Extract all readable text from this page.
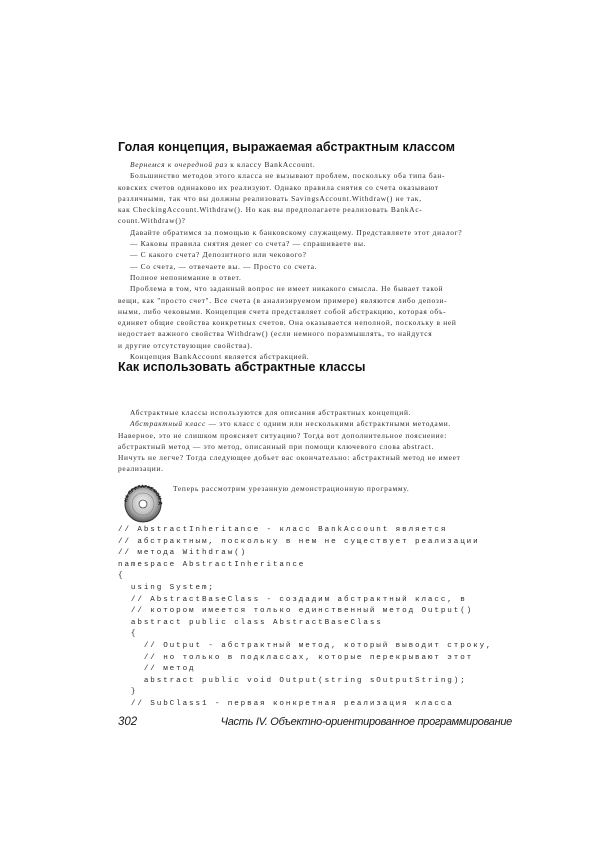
Голая концепция, выражаемая абстрактным классом
Вернемся к очередной раз к классу BankAccount.
Большинство методов этого класса не вызывают проблем, поскольку оба типа бан-
ковских счетов одинаково их реализуют. Однако правила снятия со счета оказывают
различными, так что вы должны реализовать SavingsAccount.Withdraw() не так,
как CheckingAccount.Withdraw(). Но как вы предполагаете реализовать BankAc-
count.Withdraw()?
Давайте обратимся за помощью к банковскому служащему. Представляете этот диалог?
— Каковы правила снятия денег со счета? — спрашиваете вы.
— С какого счета? Депозитного или чекового?
— Со счета, — отвечаете вы. — Просто со счета.
Полное непонимание в ответ.
Проблема в том, что заданный вопрос не имеет никакого смысла. Не бывает такой
вещи, как "просто счет". Все счета (в анализируемом примере) являются либо депози-
ными, либо чековыми. Концепция счета представляет собой абстракцию, которая объ-
единяет общие свойства конкретных счетов. Она оказывается неполной, поскольку в ней
недостает важного свойства Withdraw() (если немного поразмышлять, то найдутся
и другие отсутствующие свойства).
Концепция BankAccount является абстракцией.
Как использовать абстрактные классы
Абстрактные классы используются для описания абстрактных концепций.
Абстрактный класс — это класс с одним или несколькими абстрактными методами.
Наверное, это не слишком проясняет ситуацию? Тогда вот дополнительное пояснение:
абстрактный метод — это метод, описанный при помощи ключевого слова abstract.
Ничуть не легче? Тогда следующее добьет вас окончательно: абстрактный метод не имеет
реализации.
НА ПРИЛАГАЕМОМ Д
Теперь рассмотрим урезанную демонстрационную программу.
// AbstractInheritance - класс BankAccount является
// абстрактным, поскольку в нем не существует реализации
// метода Withdraw()
namespace AbstractInheritance
{
using System;
// AbstractBaseClass - создадим абстрактный класс, в
// котором имеется только единственный метод Output()
abstract public class AbstractBaseClass
{
// Output - абстрактный метод, который выводит строку,
// но только в подклассах, которые перекрывают этот
// метод
abstract public void Output(string sOutputString);
}
// SubClass1 - первая конкретная реализация класса
302	Часть IV. Объектно-ориентированное программирование
